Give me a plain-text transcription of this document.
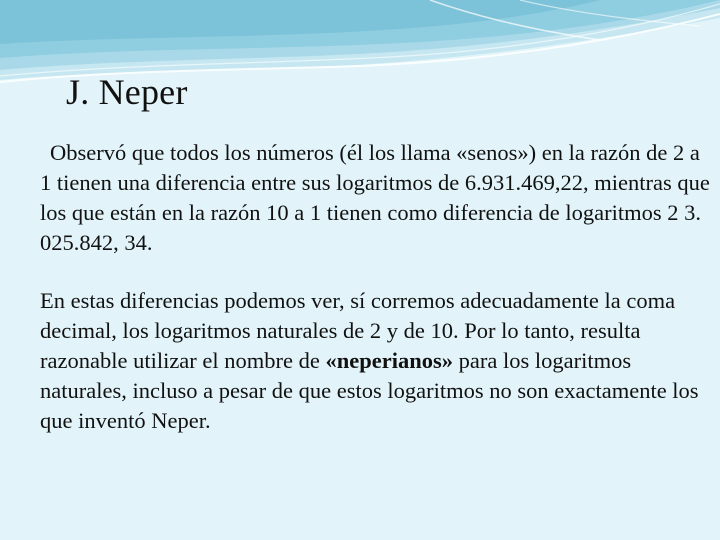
J. Neper

Observó que todos los números (él los llama «senos») en la razón de 2 a 1 tienen una diferencia entre sus logaritmos de 6.931.469,22, mientras que los que están en la razón 10 a 1 tienen como diferencia de logaritmos 2 3. 025.842, 34.

En estas diferencias podemos ver, sí corremos adecuadamente la coma decimal, los logaritmos naturales de 2 y de 10. Por lo tanto, resulta razonable utilizar el nombre de «neperianos» para los logaritmos naturales, incluso a pesar de que estos logaritmos no son exactamente los que inventó Neper.
